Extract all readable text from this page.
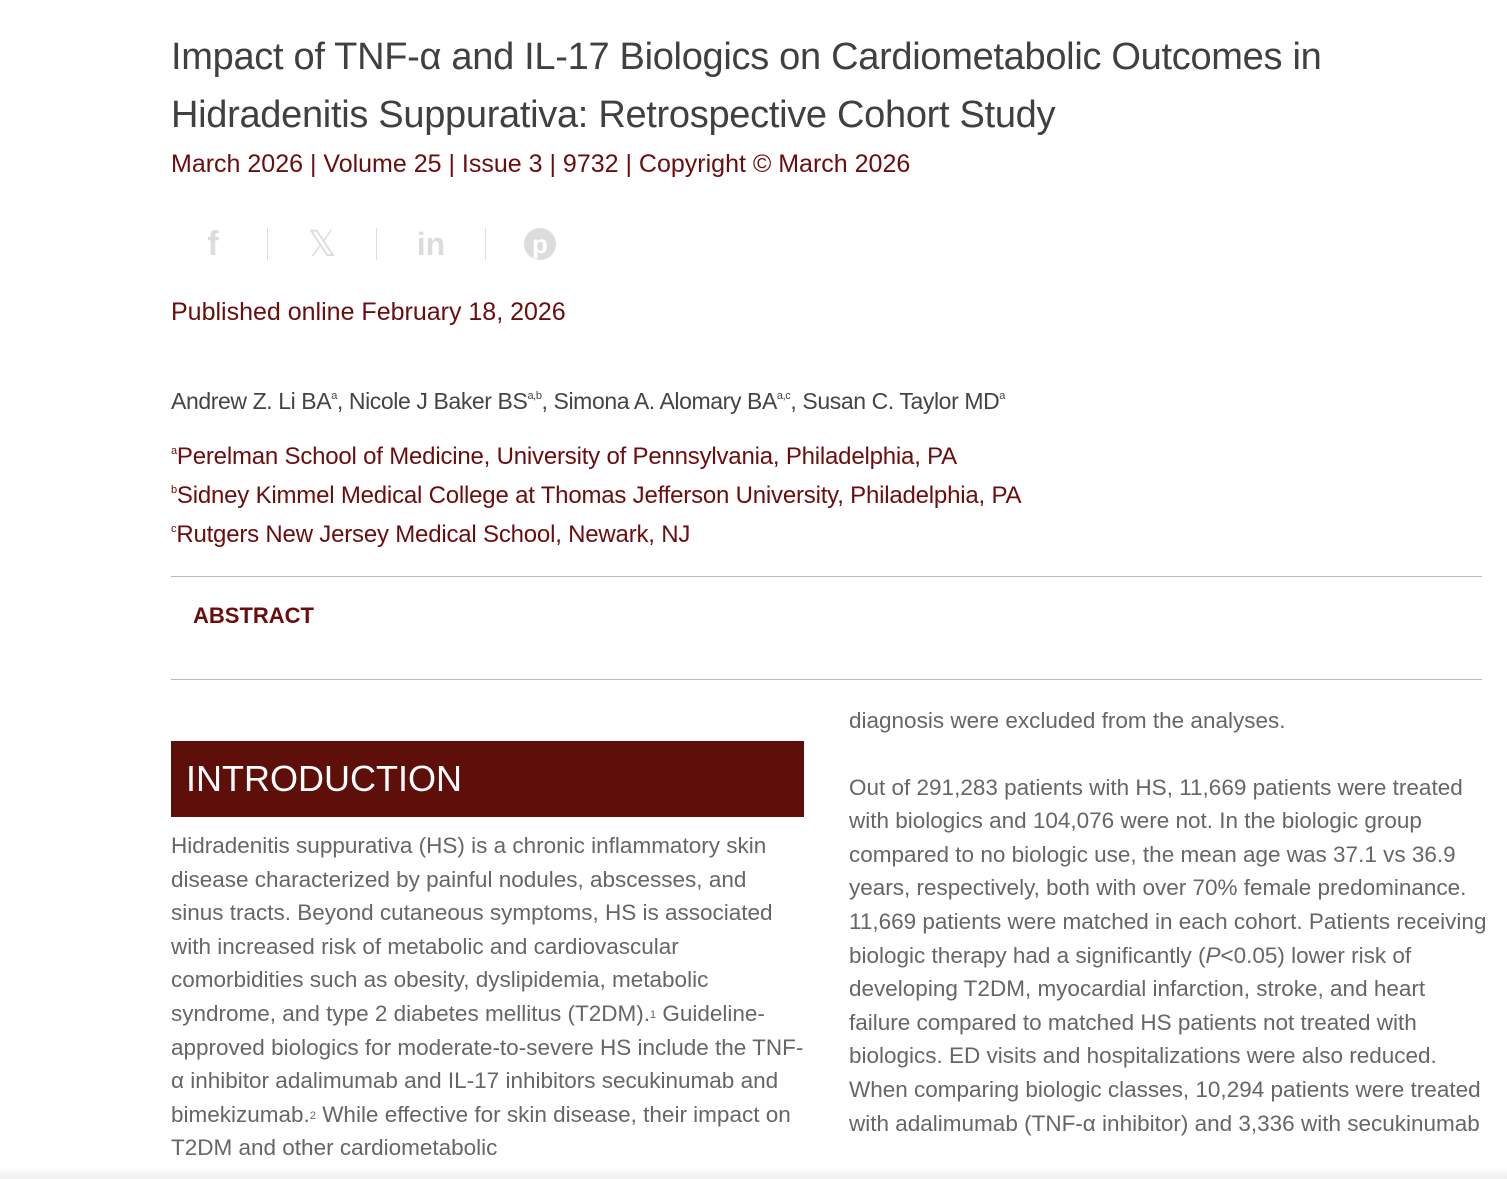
Impact of TNF-α and IL-17 Biologics on Cardiometabolic Outcomes in Hidradenitis Suppurativa: Retrospective Cohort Study
March 2026 | Volume 25 | Issue 3 | 9732 | Copyright © March 2026
f	𝕏	in	p
Published online February 18, 2026
Andrew Z. Li $BA^a$, Nicole J Baker BS$^{a,b}$, Simona A. Alomary BA$^{a,c}$, Susan C. Taylor $MD^a$
$^a$Perelman School of Medicine, University of Pennsylvania, Philadelphia, PA
$^b$Sidney Kimmel Medical College at Thomas Jefferson University, Philadelphia, PA
$^c$Rutgers New Jersey Medical School, Newark, NJ
ABSTRACT
INTRODUCTION
Hidradenitis suppurativa (HS) is a chronic inflammatory skin disease characterized by painful nodules, abscesses, and sinus tracts. Beyond cutaneous symptoms, HS is associated with increased risk of metabolic and cardiovascular comorbidities such as obesity, dyslipidemia, metabolic syndrome, and type 2 diabetes mellitus (T2DM).$^1$ Guideline-approved biologics for moderate-to-severe HS include the TNF-α inhibitor adalimumab and IL-17 inhibitors secukinumab and bimekizumab.$^2$ While effective for skin disease, their impact on T2DM and other cardiometabolic
diagnosis were excluded from the analyses.
Out of 291,283 patients with HS, 11,669 patients were treated with biologics and 104,076 were not. In the biologic group compared to no biologic use, the mean age was 37.1 vs 36.9 years, respectively, both with over 70% female predominance. 11,669 patients were matched in each cohort. Patients receiving biologic therapy had a significantly (P<0.05) lower risk of developing T2DM, myocardial infarction, stroke, and heart failure compared to matched HS patients not treated with biologics. ED visits and hospitalizations were also reduced. When comparing biologic classes, 10,294 patients were treated with adalimumab (TNF-α inhibitor) and 3,336 with secukinumab
